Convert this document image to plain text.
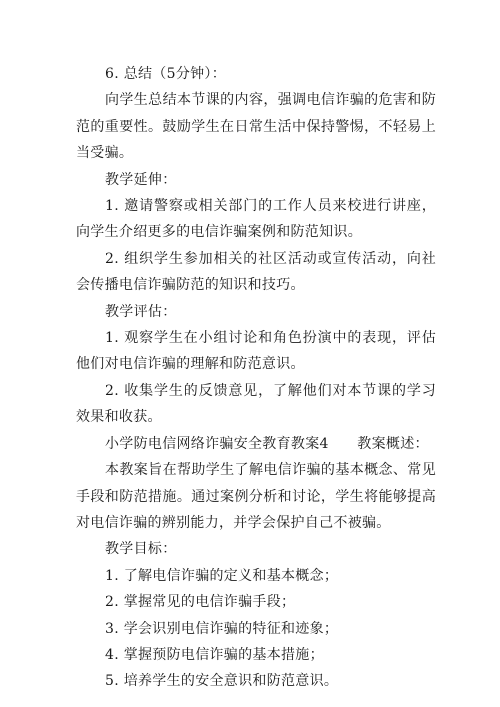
6. 总结（5分钟）：

向学生总结本节课的内容，强调电信诈骗的危害和防范的重要性。鼓励学生在日常生活中保持警惕，不轻易上当受骗。

教学延伸：

1. 邀请警察或相关部门的工作人员来校进行讲座，向学生介绍更多的电信诈骗案例和防范知识。

2. 组织学生参加相关的社区活动或宣传活动，向社会传播电信诈骗防范的知识和技巧。

教学评估：

1. 观察学生在小组讨论和角色扮演中的表现，评估他们对电信诈骗的理解和防范意识。

2. 收集学生的反馈意见，了解他们对本节课的学习效果和收获。

小学防电信网络诈骗安全教育教案4　　教案概述：

本教案旨在帮助学生了解电信诈骗的基本概念、常见手段和防范措施。通过案例分析和讨论，学生将能够提高对电信诈骗的辨别能力，并学会保护自己不被骗。

教学目标：

1. 了解电信诈骗的定义和基本概念；

2. 掌握常见的电信诈骗手段；

3. 学会识别电信诈骗的特征和迹象；

4. 掌握预防电信诈骗的基本措施；

5. 培养学生的安全意识和防范意识。
